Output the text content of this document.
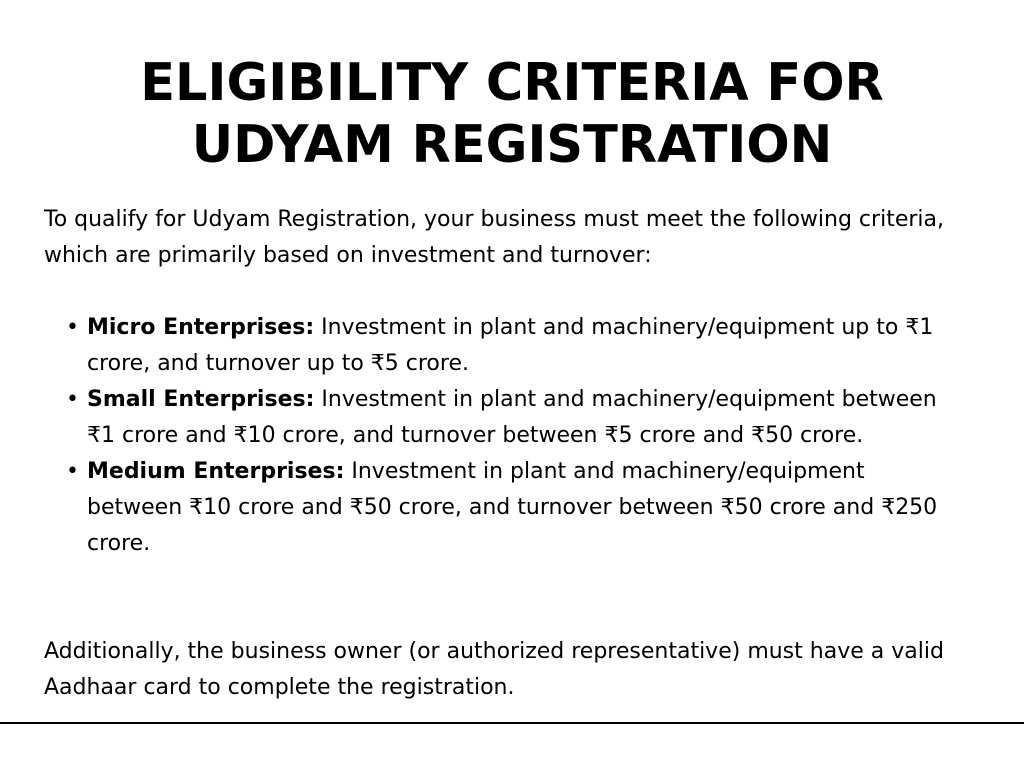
ELIGIBILITY CRITERIA FOR UDYAM REGISTRATION

To qualify for Udyam Registration, your business must meet the following criteria, which are primarily based on investment and turnover:

• Micro Enterprises: Investment in plant and machinery/equipment up to ₹1 crore, and turnover up to ₹5 crore.
• Small Enterprises: Investment in plant and machinery/equipment between ₹1 crore and ₹10 crore, and turnover between ₹5 crore and ₹50 crore.
• Medium Enterprises: Investment in plant and machinery/equipment between ₹10 crore and ₹50 crore, and turnover between ₹50 crore and ₹250 crore.

Additionally, the business owner (or authorized representative) must have a valid Aadhaar card to complete the registration.
